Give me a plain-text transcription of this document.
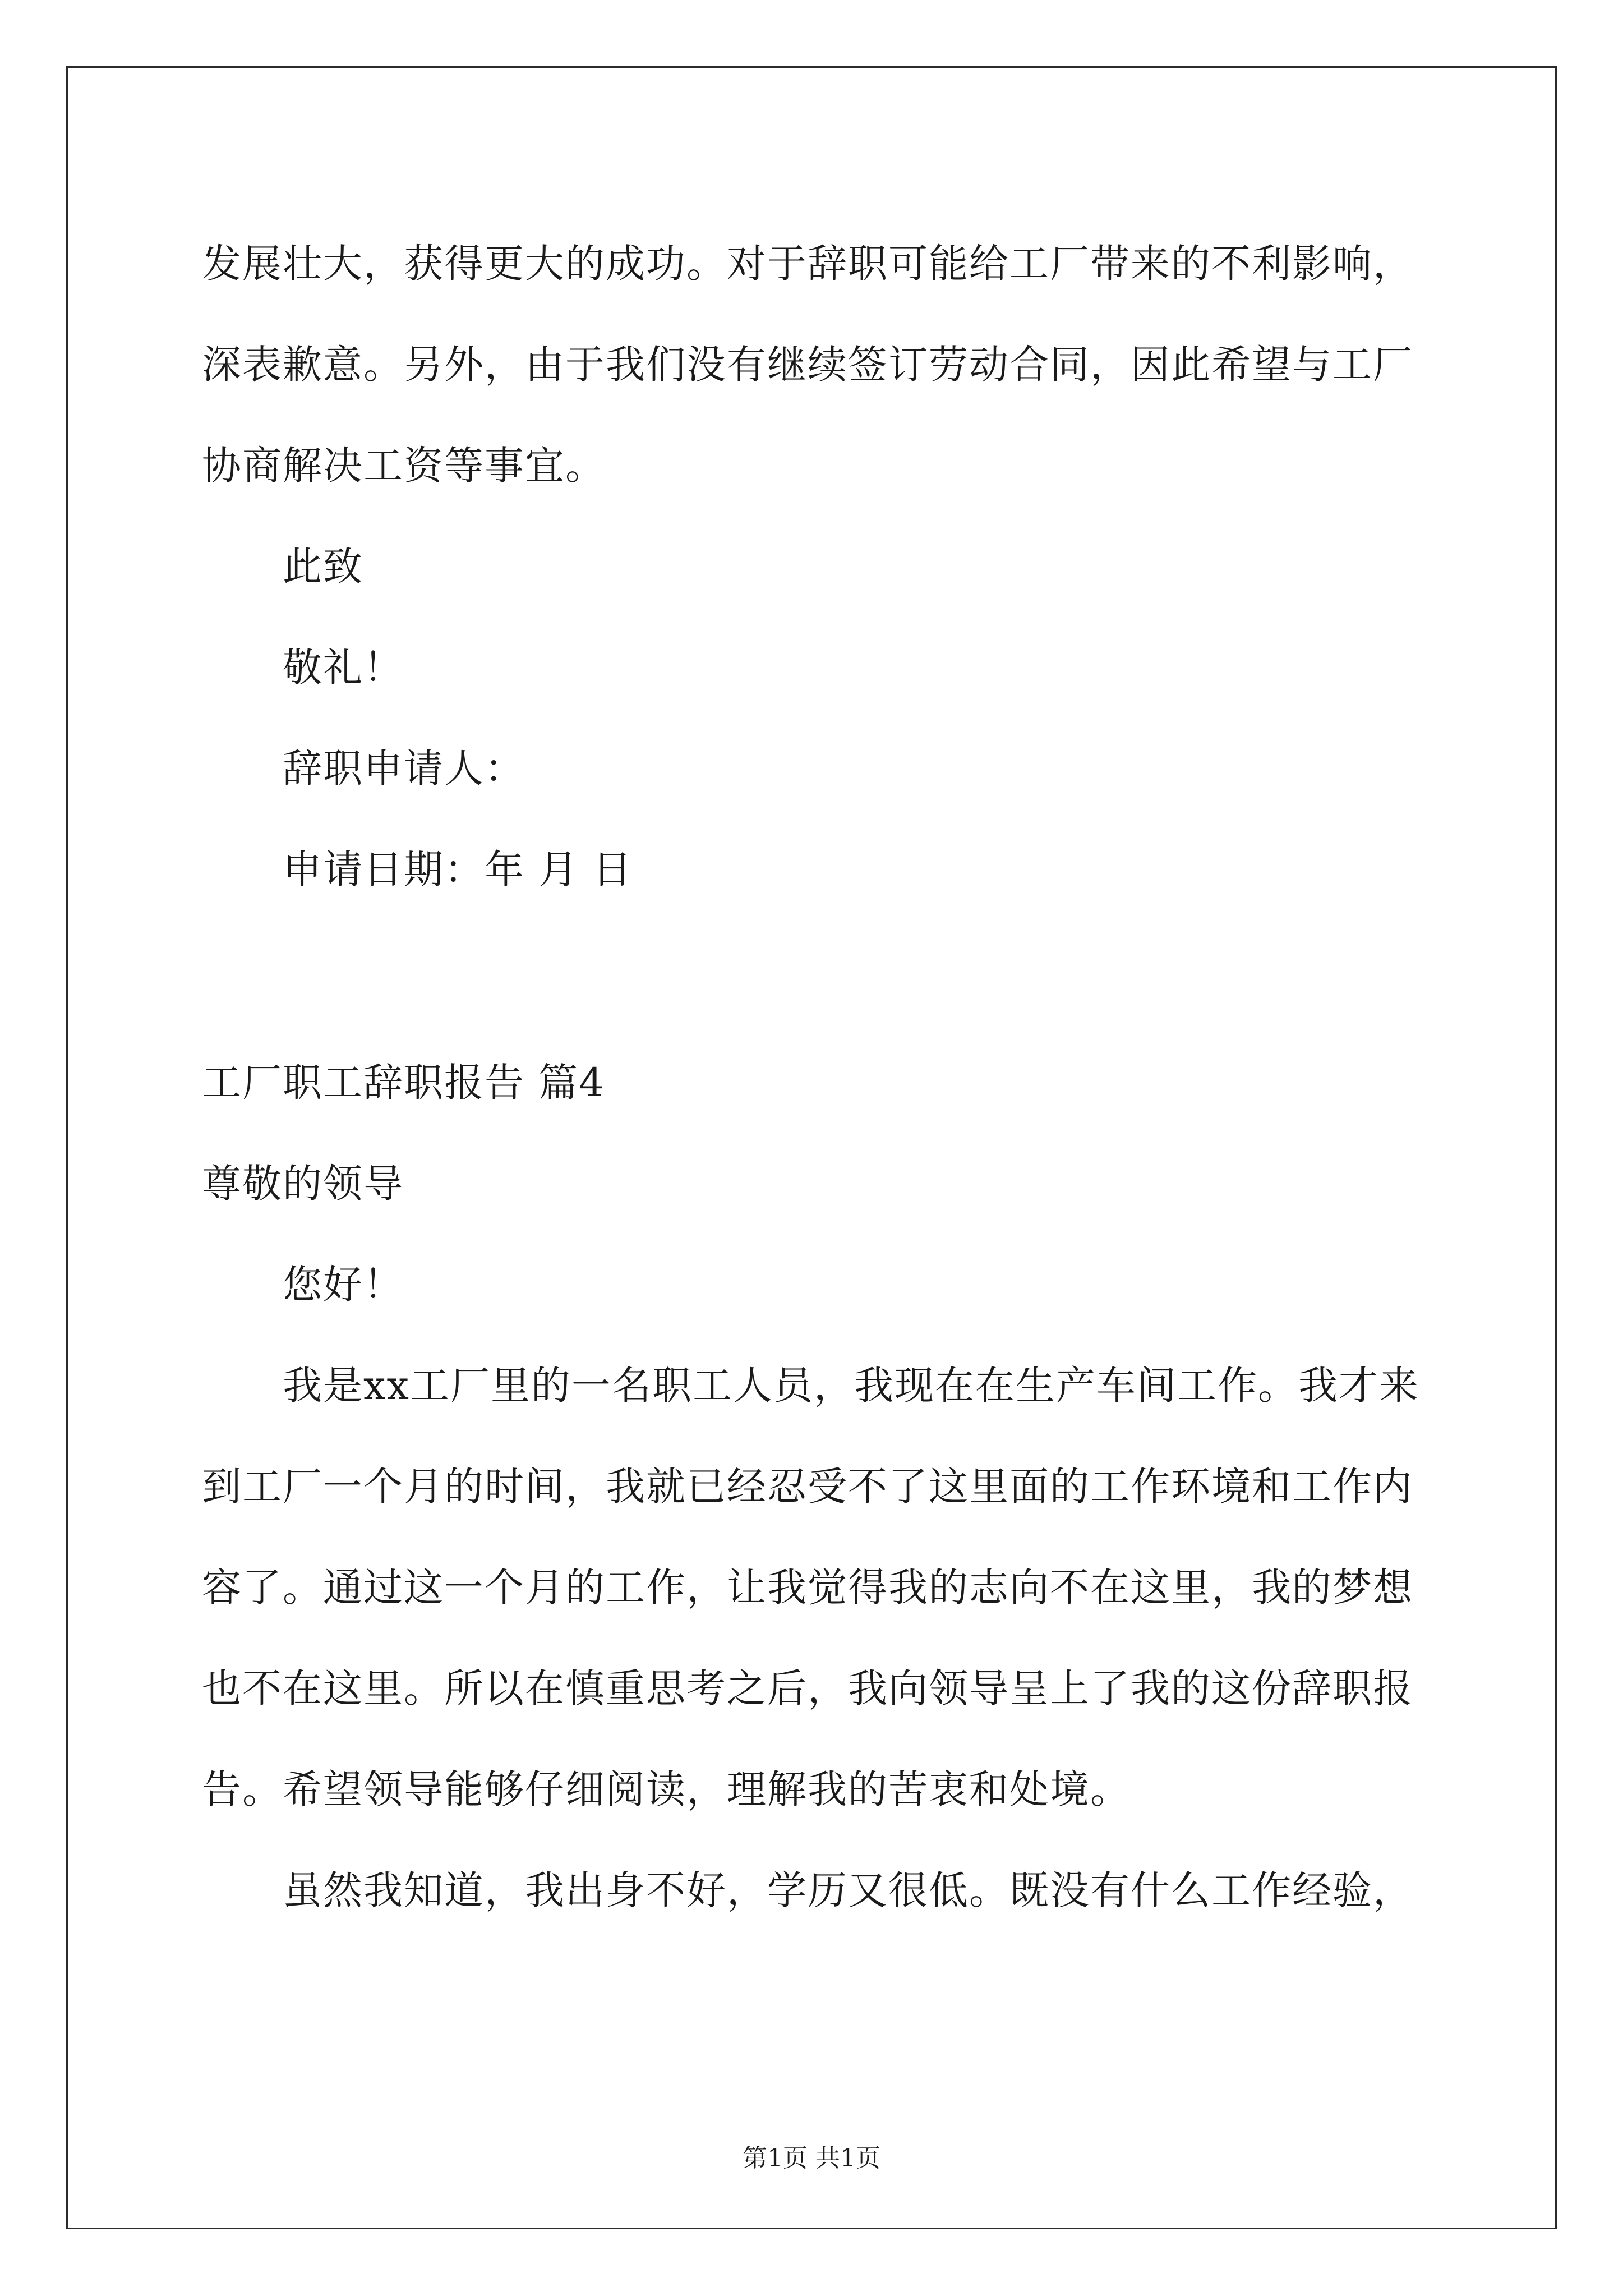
发展壮大，获得更大的成功。对于辞职可能给工厂带来的不利影响，
深表歉意。另外，由于我们没有继续签订劳动合同，因此希望与工厂
协商解决工资等事宜。
此致
敬礼！
辞职申请人：
申请日期：年 月 日
工厂职工辞职报告 篇4
尊敬的领导
您好！
我是xx工厂里的一名职工人员，我现在在生产车间工作。我才来
到工厂一个月的时间，我就已经忍受不了这里面的工作环境和工作内
容了。通过这一个月的工作，让我觉得我的志向不在这里，我的梦想
也不在这里。所以在慎重思考之后，我向领导呈上了我的这份辞职报
告。希望领导能够仔细阅读，理解我的苦衷和处境。
虽然我知道，我出身不好，学历又很低。既没有什么工作经验，
第1页 共1页
